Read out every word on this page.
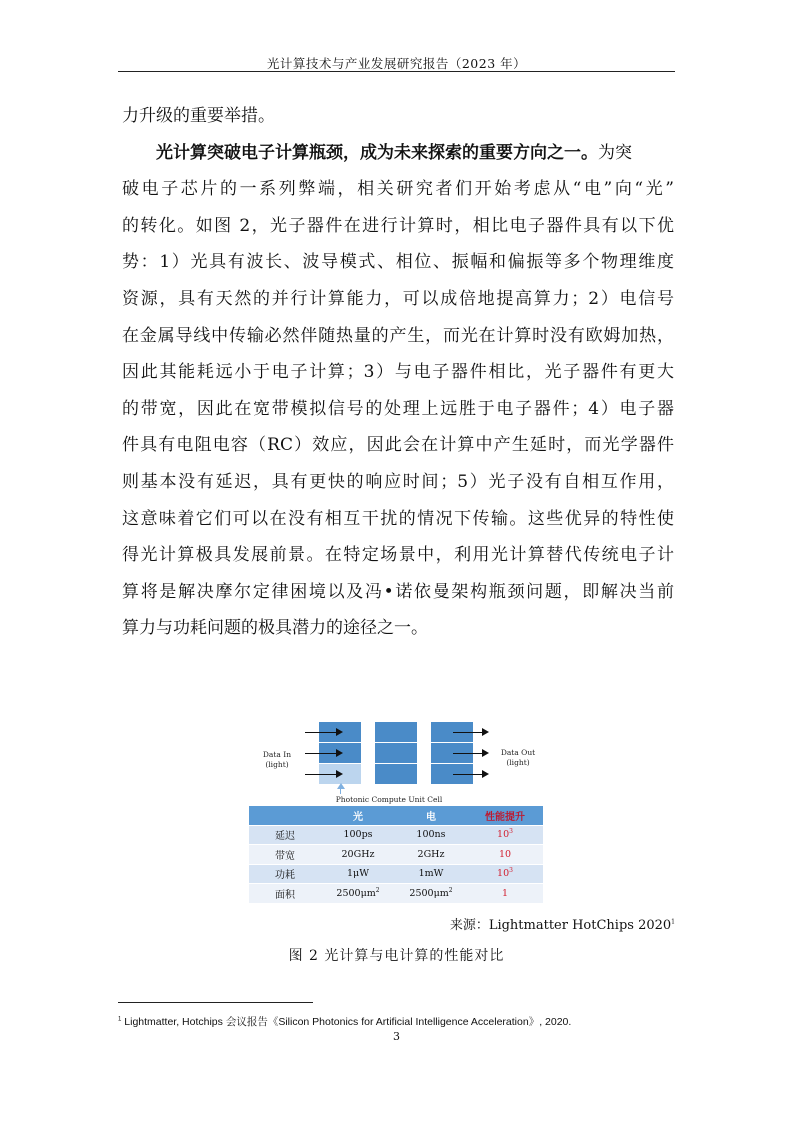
光计算技术与产业发展研究报告（2023 年）
力升级的重要举措。
光计算突破电子计算瓶颈，成为未来探索的重要方向之一。为突
破电子芯片的一系列弊端，相关研究者们开始考虑从“电”向“光”
的转化。如图 2，光子器件在进行计算时，相比电子器件具有以下优
势：1）光具有波长、波导模式、相位、振幅和偏振等多个物理维度
资源，具有天然的并行计算能力，可以成倍地提高算力；2）电信号
在金属导线中传输必然伴随热量的产生，而光在计算时没有欧姆加热，
因此其能耗远小于电子计算；3）与电子器件相比，光子器件有更大
的带宽，因此在宽带模拟信号的处理上远胜于电子器件；4）电子器
件具有电阻电容（RC）效应，因此会在计算中产生延时，而光学器件
则基本没有延迟，具有更快的响应时间；5）光子没有自相互作用，
这意味着它们可以在没有相互干扰的情况下传输。这些优异的特性使
得光计算极具发展前景。在特定场景中，利用光计算替代传统电子计
算将是解决摩尔定律困境以及冯•诺依曼架构瓶颈问题，即解决当前
算力与功耗问题的极具潜力的途径之一。
Data In
(light)
Data Out
(light)
Photonic Compute Unit Cell
	光	电	性能提升
延迟	100ps	100ns	$10^3$
带宽	20GHz	2GHz	10
功耗	1μW	1mW	$10^3$
面积	$2500\mu m^2$	$2500\mu m^2$	1
来源：Lightmatter HotChips 2020$^1$
图 2 光计算与电计算的性能对比
$^1$ Lightmatter, Hotchips 会议报告《Silicon Photonics for Artificial Intelligence Acceleration》, 2020.
3
